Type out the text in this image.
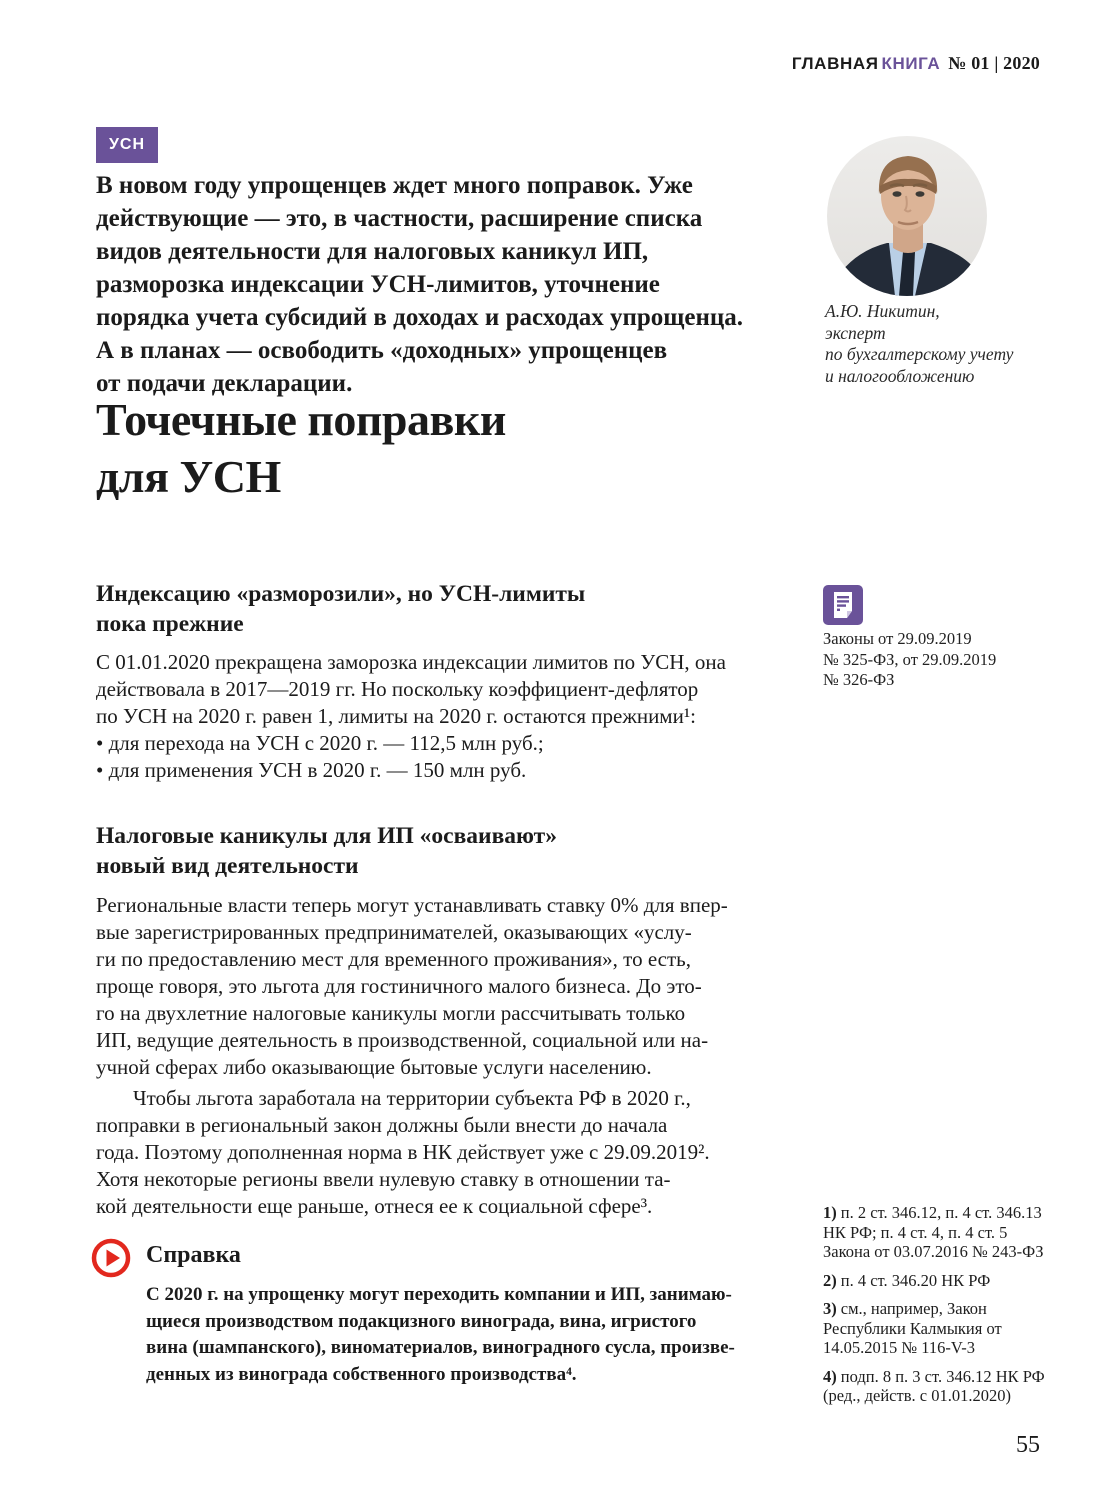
ГЛАВНАЯ КНИГА № 01 | 2020
УСН
В новом году упрощенцев ждет много поправок. Уже
действующие — это, в частности, расширение списка
видов деятельности для налоговых каникул ИП,
разморозка индексации УСН-лимитов, уточнение
порядка учета субсидий в доходах и расходах упрощенца.
А в планах — освободить «доходных» упрощенцев
от подачи декларации.
А.Ю. Никитин,
эксперт
по бухгалтерскому учету
и налогообложению
Точечные поправки
для УСН
Индексацию «разморозили», но УСН-лимиты
пока прежние
С 01.01.2020 прекращена заморозка индексации лимитов по УСН, она
действовала в 2017—2019 гг. Но поскольку коэффициент-дефлятор
по УСН на 2020 г. равен 1, лимиты на 2020 г. остаются прежними¹:
• для перехода на УСН с 2020 г. — 112,5 млн руб.;
• для применения УСН в 2020 г. — 150 млн руб.
Законы от 29.09.2019
№ 325-ФЗ, от 29.09.2019
№ 326-ФЗ
Налоговые каникулы для ИП «осваивают»
новый вид деятельности
Региональные власти теперь могут устанавливать ставку 0% для впер-
вые зарегистрированных предпринимателей, оказывающих «услу-
ги по предоставлению мест для временного проживания», то есть,
проще говоря, это льгота для гостиничного малого бизнеса. До это-
го на двухлетние налоговые каникулы могли рассчитывать только
ИП, ведущие деятельность в производственной, социальной или на-
учной сферах либо оказывающие бытовые услуги населению.
Чтобы льгота заработала на территории субъекта РФ в 2020 г.,
поправки в региональный закон должны были внести до начала
года. Поэтому дополненная норма в НК действует уже с 29.09.2019².
Хотя некоторые регионы ввели нулевую ставку в отношении та-
кой деятельности еще раньше, отнеся ее к социальной сфере³.
Справка
С 2020 г. на упрощенку могут переходить компании и ИП, занимаю-
щиеся производством подакцизного винограда, вина, игристого
вина (шампанского), виноматериалов, виноградного сусла, произве-
денных из винограда собственного производства⁴.
1) п. 2 ст. 346.12, п. 4 ст. 346.13 НК РФ; п. 4 ст. 4, п. 4 ст. 5 Закона от 03.07.2016 № 243-ФЗ
2) п. 4 ст. 346.20 НК РФ
3) см., например, Закон Республики Калмыкия от 14.05.2015 № 116-V-3
4) подп. 8 п. 3 ст. 346.12 НК РФ (ред., действ. с 01.01.2020)
55
